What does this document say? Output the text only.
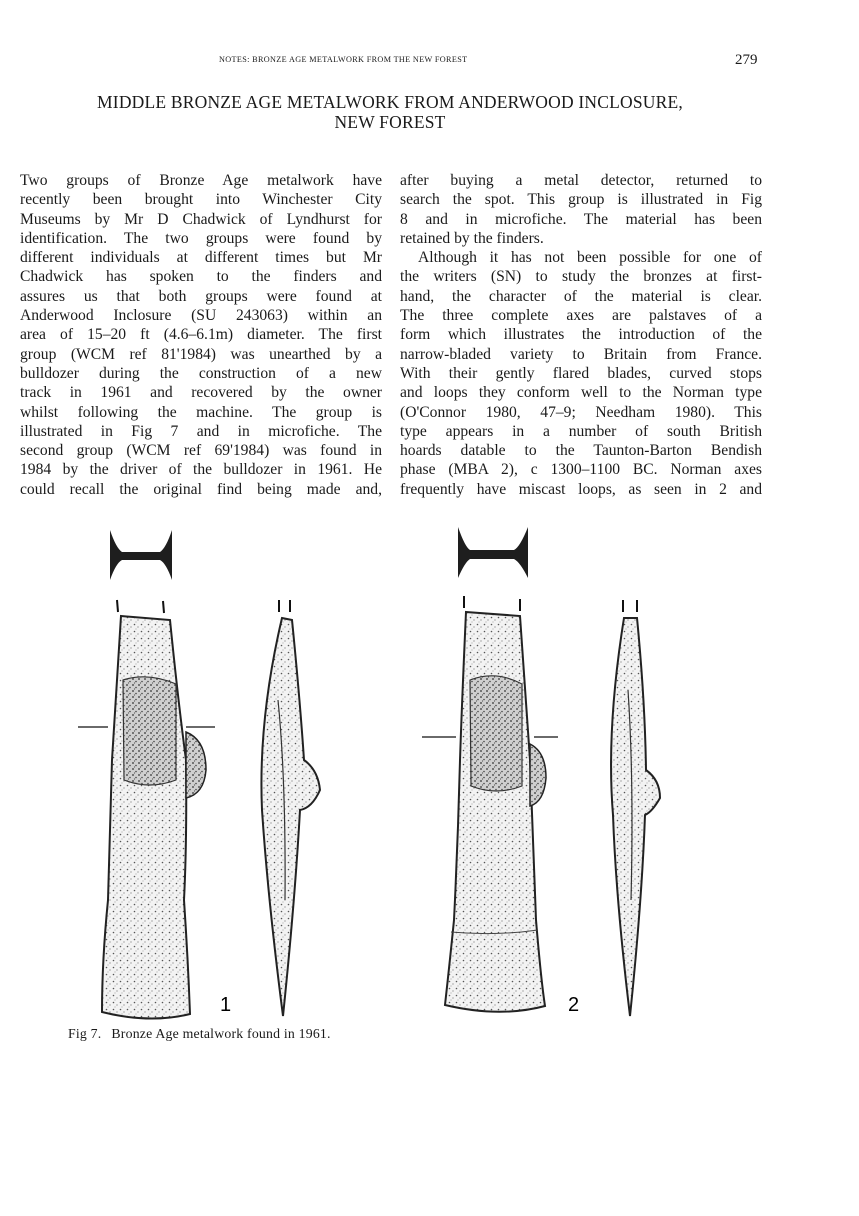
NOTES: BRONZE AGE METALWORK FROM THE NEW FOREST	279
MIDDLE BRONZE AGE METALWORK FROM ANDERWOOD INCLOSURE,
NEW FOREST
Two groups of Bronze Age metalwork have
recently been brought into Winchester City
Museums by Mr D Chadwick of Lyndhurst for
identification. The two groups were found by
different individuals at different times but Mr
Chadwick has spoken to the finders and
assures us that both groups were found at
Anderwood Inclosure (SU 243063) within an
area of 15–20 ft (4.6–6.1m) diameter. The first
group (WCM ref 81'1984) was unearthed by a
bulldozer during the construction of a new
track in 1961 and recovered by the owner
whilst following the machine. The group is
illustrated in Fig 7 and in microfiche. The
second group (WCM ref 69'1984) was found in
1984 by the driver of the bulldozer in 1961. He
could recall the original find being made and,
after buying a metal detector, returned to
search the spot. This group is illustrated in Fig
8 and in microfiche. The material has been
retained by the finders.
Although it has not been possible for one of
the writers (SN) to study the bronzes at first-
hand, the character of the material is clear.
The three complete axes are palstaves of a
form which illustrates the introduction of the
narrow-bladed variety to Britain from France.
With their gently flared blades, curved stops
and loops they conform well to the Norman type
(O'Connor 1980, 47–9; Needham 1980). This
type appears in a number of south British
hoards datable to the Taunton-Barton Bendish
phase (MBA 2), c 1300–1100 BC. Norman axes
frequently have miscast loops, as seen in 2 and
1	2
Fig 7. Bronze Age metalwork found in 1961.
